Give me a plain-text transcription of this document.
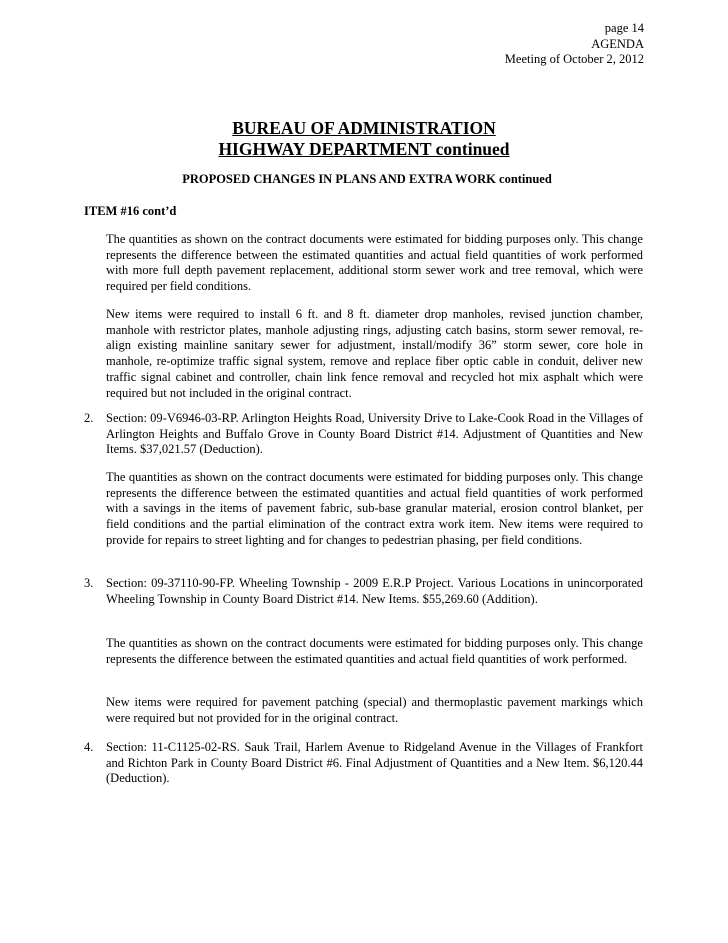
page 14
AGENDA
Meeting of October 2, 2012
BUREAU OF ADMINISTRATION
HIGHWAY DEPARTMENT continued
PROPOSED CHANGES IN PLANS AND EXTRA WORK continued
ITEM #16 cont’d
The quantities as shown on the contract documents were estimated for bidding purposes only. This change represents the difference between the estimated quantities and actual field quantities of work performed with more full depth pavement replacement, additional storm sewer work and tree removal, which were required per field conditions.
New items were required to install 6 ft. and 8 ft. diameter drop manholes, revised junction chamber, manhole with restrictor plates, manhole adjusting rings, adjusting catch basins, storm sewer removal, re-align existing mainline sanitary sewer for adjustment, install/modify 36” storm sewer, core hole in manhole, re-optimize traffic signal system, remove and replace fiber optic cable in conduit, deliver new traffic signal cabinet and controller, chain link fence removal and recycled hot mix asphalt which were required but not included in the original contract.
2. Section: 09-V6946-03-RP. Arlington Heights Road, University Drive to Lake-Cook Road in the Villages of Arlington Heights and Buffalo Grove in County Board District #14. Adjustment of Quantities and New Items. $37,021.57 (Deduction).
The quantities as shown on the contract documents were estimated for bidding purposes only. This change represents the difference between the estimated quantities and actual field quantities of work performed with a savings in the items of pavement fabric, sub-base granular material, erosion control blanket, per field conditions and the partial elimination of the contract extra work item. New items were required to provide for repairs to street lighting and for changes to pedestrian phasing, per field conditions.
3. Section: 09-37110-90-FP. Wheeling Township - 2009 E.R.P Project. Various Locations in unincorporated Wheeling Township in County Board District #14. New Items. $55,269.60 (Addition).
The quantities as shown on the contract documents were estimated for bidding purposes only. This change represents the difference between the estimated quantities and actual field quantities of work performed.
New items were required for pavement patching (special) and thermoplastic pavement markings which were required but not provided for in the original contract.
4. Section: 11-C1125-02-RS. Sauk Trail, Harlem Avenue to Ridgeland Avenue in the Villages of Frankfort and Richton Park in County Board District #6. Final Adjustment of Quantities and a New Item. $6,120.44 (Deduction).
